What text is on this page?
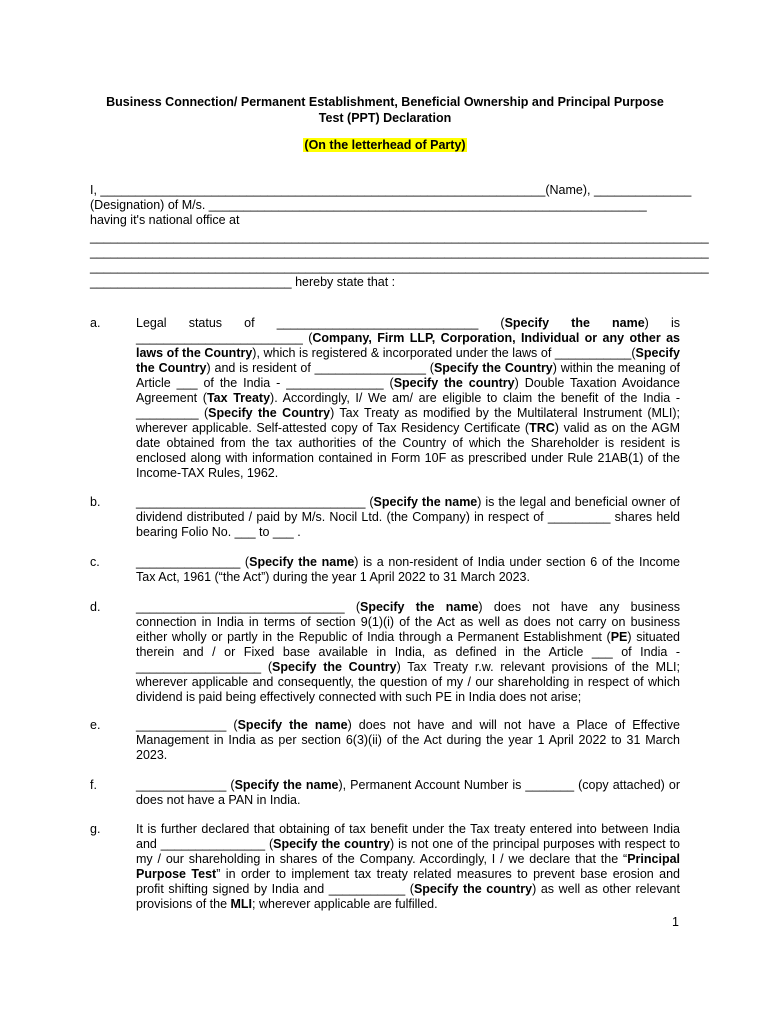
Business Connection/ Permanent Establishment, Beneficial Ownership and Principal Purpose
Test (PPT) Declaration
(On the letterhead of Party)
I, ________________________________________________________________(Name), ______________
(Designation) of M/s. _______________________________________________________________
having it's national office at
_________________________________________________________________________________________
_________________________________________________________________________________________
_________________________________________________________________________________________
_____________________________ hereby state that :
a.	Legal status of _____________________________ (Specify the name) is ________________________ (Company, Firm LLP, Corporation, Individual or any other as laws of the Country), which is registered & incorporated under the laws of ___________(Specify the Country) and is resident of ________________ (Specify the Country) within the meaning of Article ___ of the India - ______________ (Specify the country) Double Taxation Avoidance Agreement (Tax Treaty). Accordingly, I/ We am/ are eligible to claim the benefit of the India - _________ (Specify the Country) Tax Treaty as modified by the Multilateral Instrument (MLI); wherever applicable. Self-attested copy of Tax Residency Certificate (TRC) valid as on the AGM date obtained from the tax authorities of the Country of which the Shareholder is resident is enclosed along with information contained in Form 10F as prescribed under Rule 21AB(1) of the Income-TAX Rules, 1962.
b.	_________________________________ (Specify the name) is the legal and beneficial owner of dividend distributed / paid by M/s. Nocil Ltd. (the Company) in respect of _________ shares held bearing Folio No. ___ to ___ .
c.	_______________ (Specify the name) is a non-resident of India under section 6 of the Income Tax Act, 1961 (“the Act”) during the year 1 April 2022 to 31 March 2023.
d.	______________________________ (Specify the name) does not have any business connection in India in terms of section 9(1)(i) of the Act as well as does not carry on business either wholly or partly in the Republic of India through a Permanent Establishment (PE) situated therein and / or Fixed base available in India, as defined in the Article ___ of India - __________________ (Specify the Country) Tax Treaty r.w. relevant provisions of the MLI; wherever applicable and consequently, the question of my / our shareholding in respect of which dividend is paid being effectively connected with such PE in India does not arise;
e.	_____________ (Specify the name) does not have and will not have a Place of Effective Management in India as per section 6(3)(ii) of the Act during the year 1 April 2022 to 31 March 2023.
f.	_____________ (Specify the name), Permanent Account Number is _______ (copy attached) or does not have a PAN in India.
g.	It is further declared that obtaining of tax benefit under the Tax treaty entered into between India and _______________ (Specify the country) is not one of the principal purposes with respect to my / our shareholding in shares of the Company. Accordingly, I / we declare that the “Principal Purpose Test” in order to implement tax treaty related measures to prevent base erosion and profit shifting signed by India and ___________ (Specify the country) as well as other relevant provisions of the MLI; wherever applicable are fulfilled.
1
